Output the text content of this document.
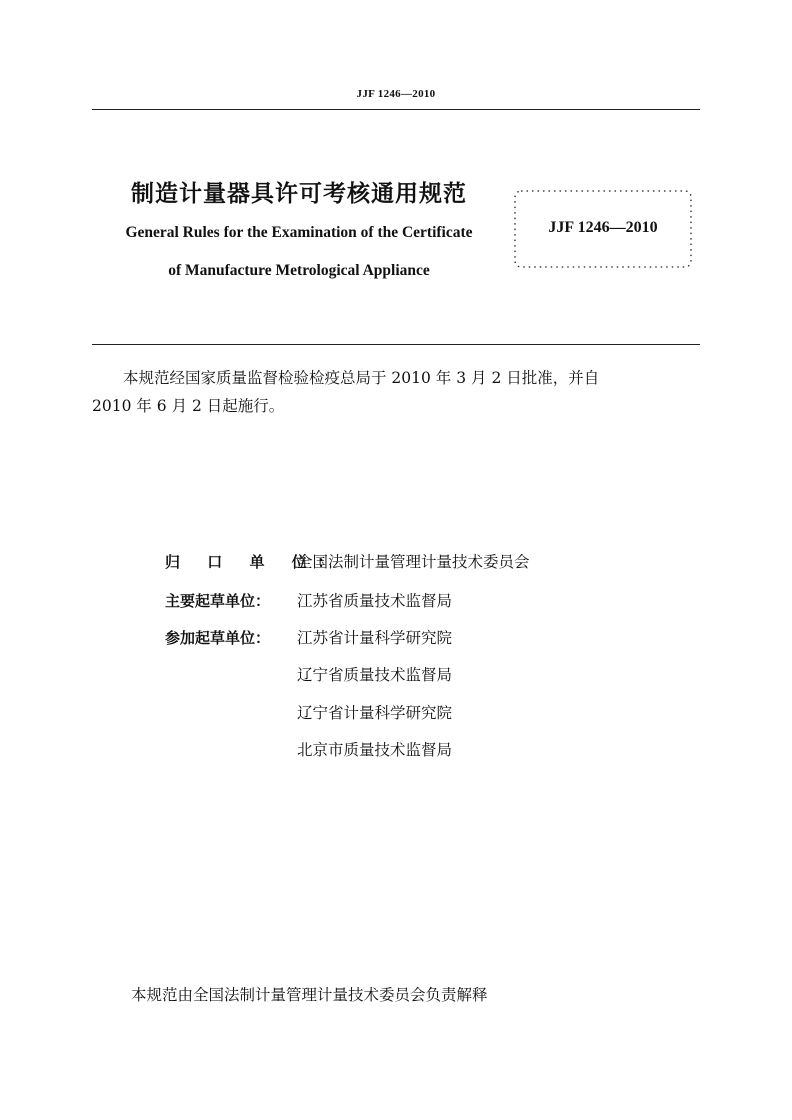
JJF 1246—2010
制造计量器具许可考核通用规范
General Rules for the Examination of the Certificate
of Manufacture Metrological Appliance
JJF 1246—2010
本规范经国家质量监督检验检疫总局于 2010 年 3 月 2 日批准，并自
2010 年 6 月 2 日起施行。
归 口 单 位：全国法制计量管理计量技术委员会
主要起草单位： 江苏省质量技术监督局
参加起草单位： 江苏省计量科学研究院
辽宁省质量技术监督局
辽宁省计量科学研究院
北京市质量技术监督局
本规范由全国法制计量管理计量技术委员会负责解释
